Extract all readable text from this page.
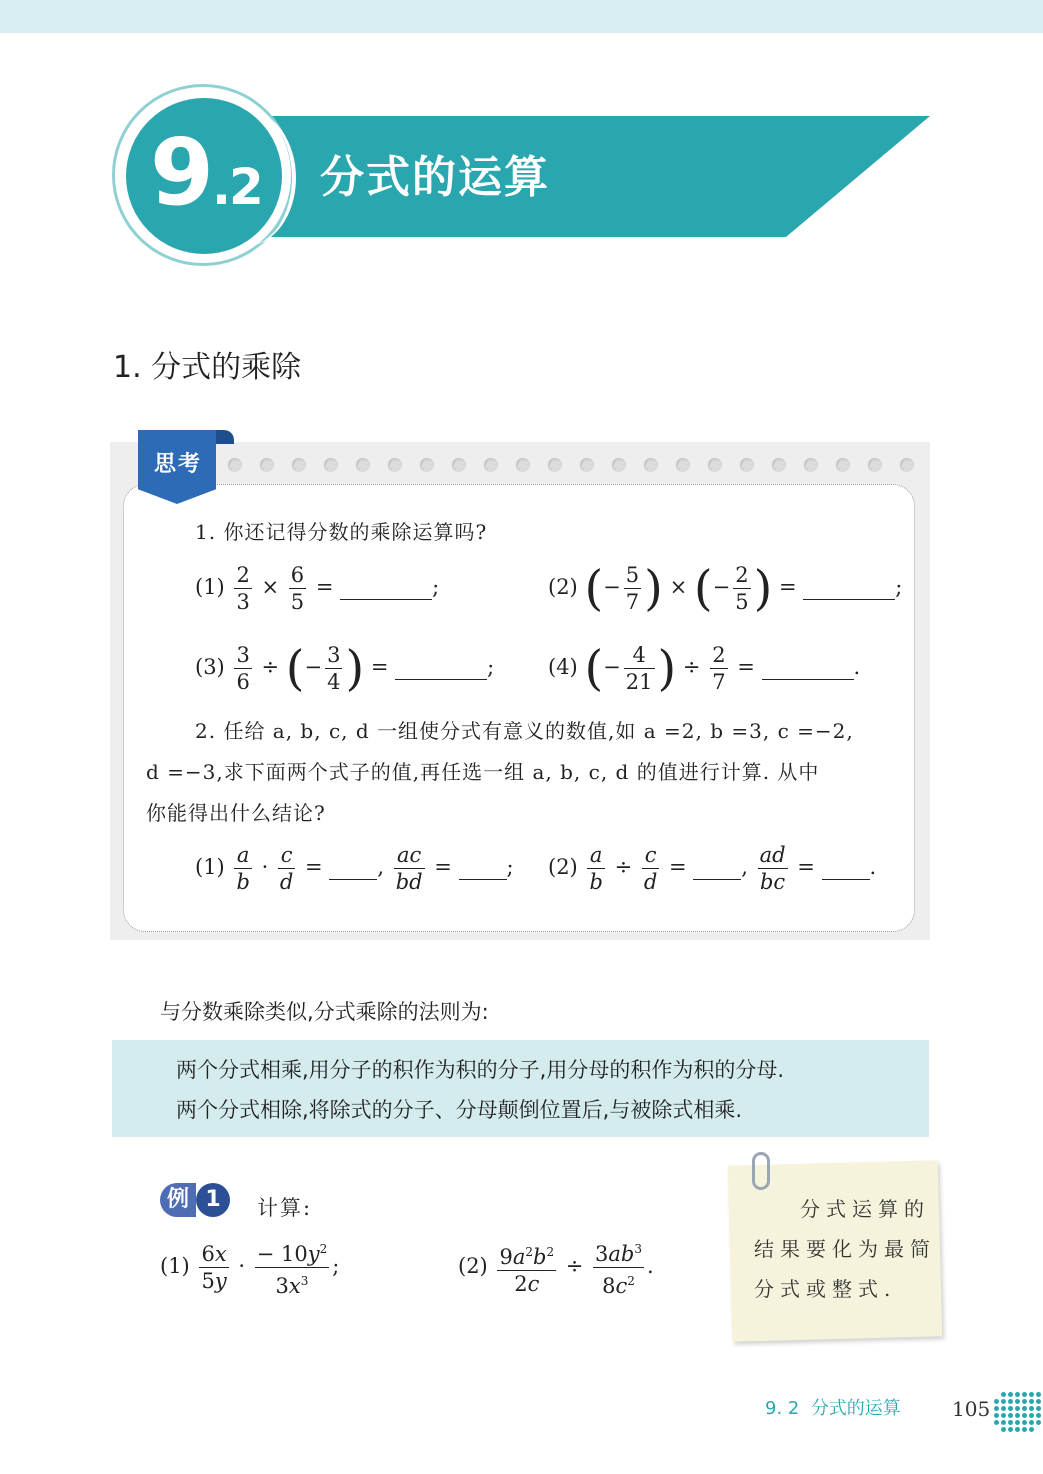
9.2 分式的运算
1. 分式的乘除
思考
1. 你还记得分数的乘除运算吗?
$(1) \frac{2}{3} \times \frac{6}{5}$ =	;	(2) (− $\frac{5}{7}$ ) × (− $\frac{2}{5}$ ) =	;
$(3) \frac{3}{6}$ ÷ (− $\frac{3}{4}$ ) =	;	(4) (− $\frac{4}{21}$ ) ÷ $\frac{2}{7}$ =	.
2. 任给 a, b, c, d 一组使分式有意义的数值,如 a =2, b =3, c =−2,
d =−3,求下面两个式子的值,再任选一组 a, b, c, d 的值进行计算. 从中
你能得出什么结论?
$(1) \frac{a}{b} \cdot \frac{c}{d}$ = , $\frac{ac}{bd}$ = ; $(2) \frac{a}{b} \div \frac{c}{d}$ = , $\frac{ad}{bc}$ = .
与分数乘除类似,分式乘除的法则为:
两个分式相乘,用分子的积作为积的分子,用分母的积作为积的分母.
两个分式相除,将除式的分子、分母颠倒位置后,与被除式相乘.
例 1	计算:
$(1) \frac{6x}{5y} \cdot \frac{- 10y^2}{3x^3}$ ;	$(2) \frac{9a^2b^2}{2c} \div \frac{3ab^3}{8c^2}$ .
分式运算的
结果要化为最简
分式或整式.
9. 2 分式的运算	105
